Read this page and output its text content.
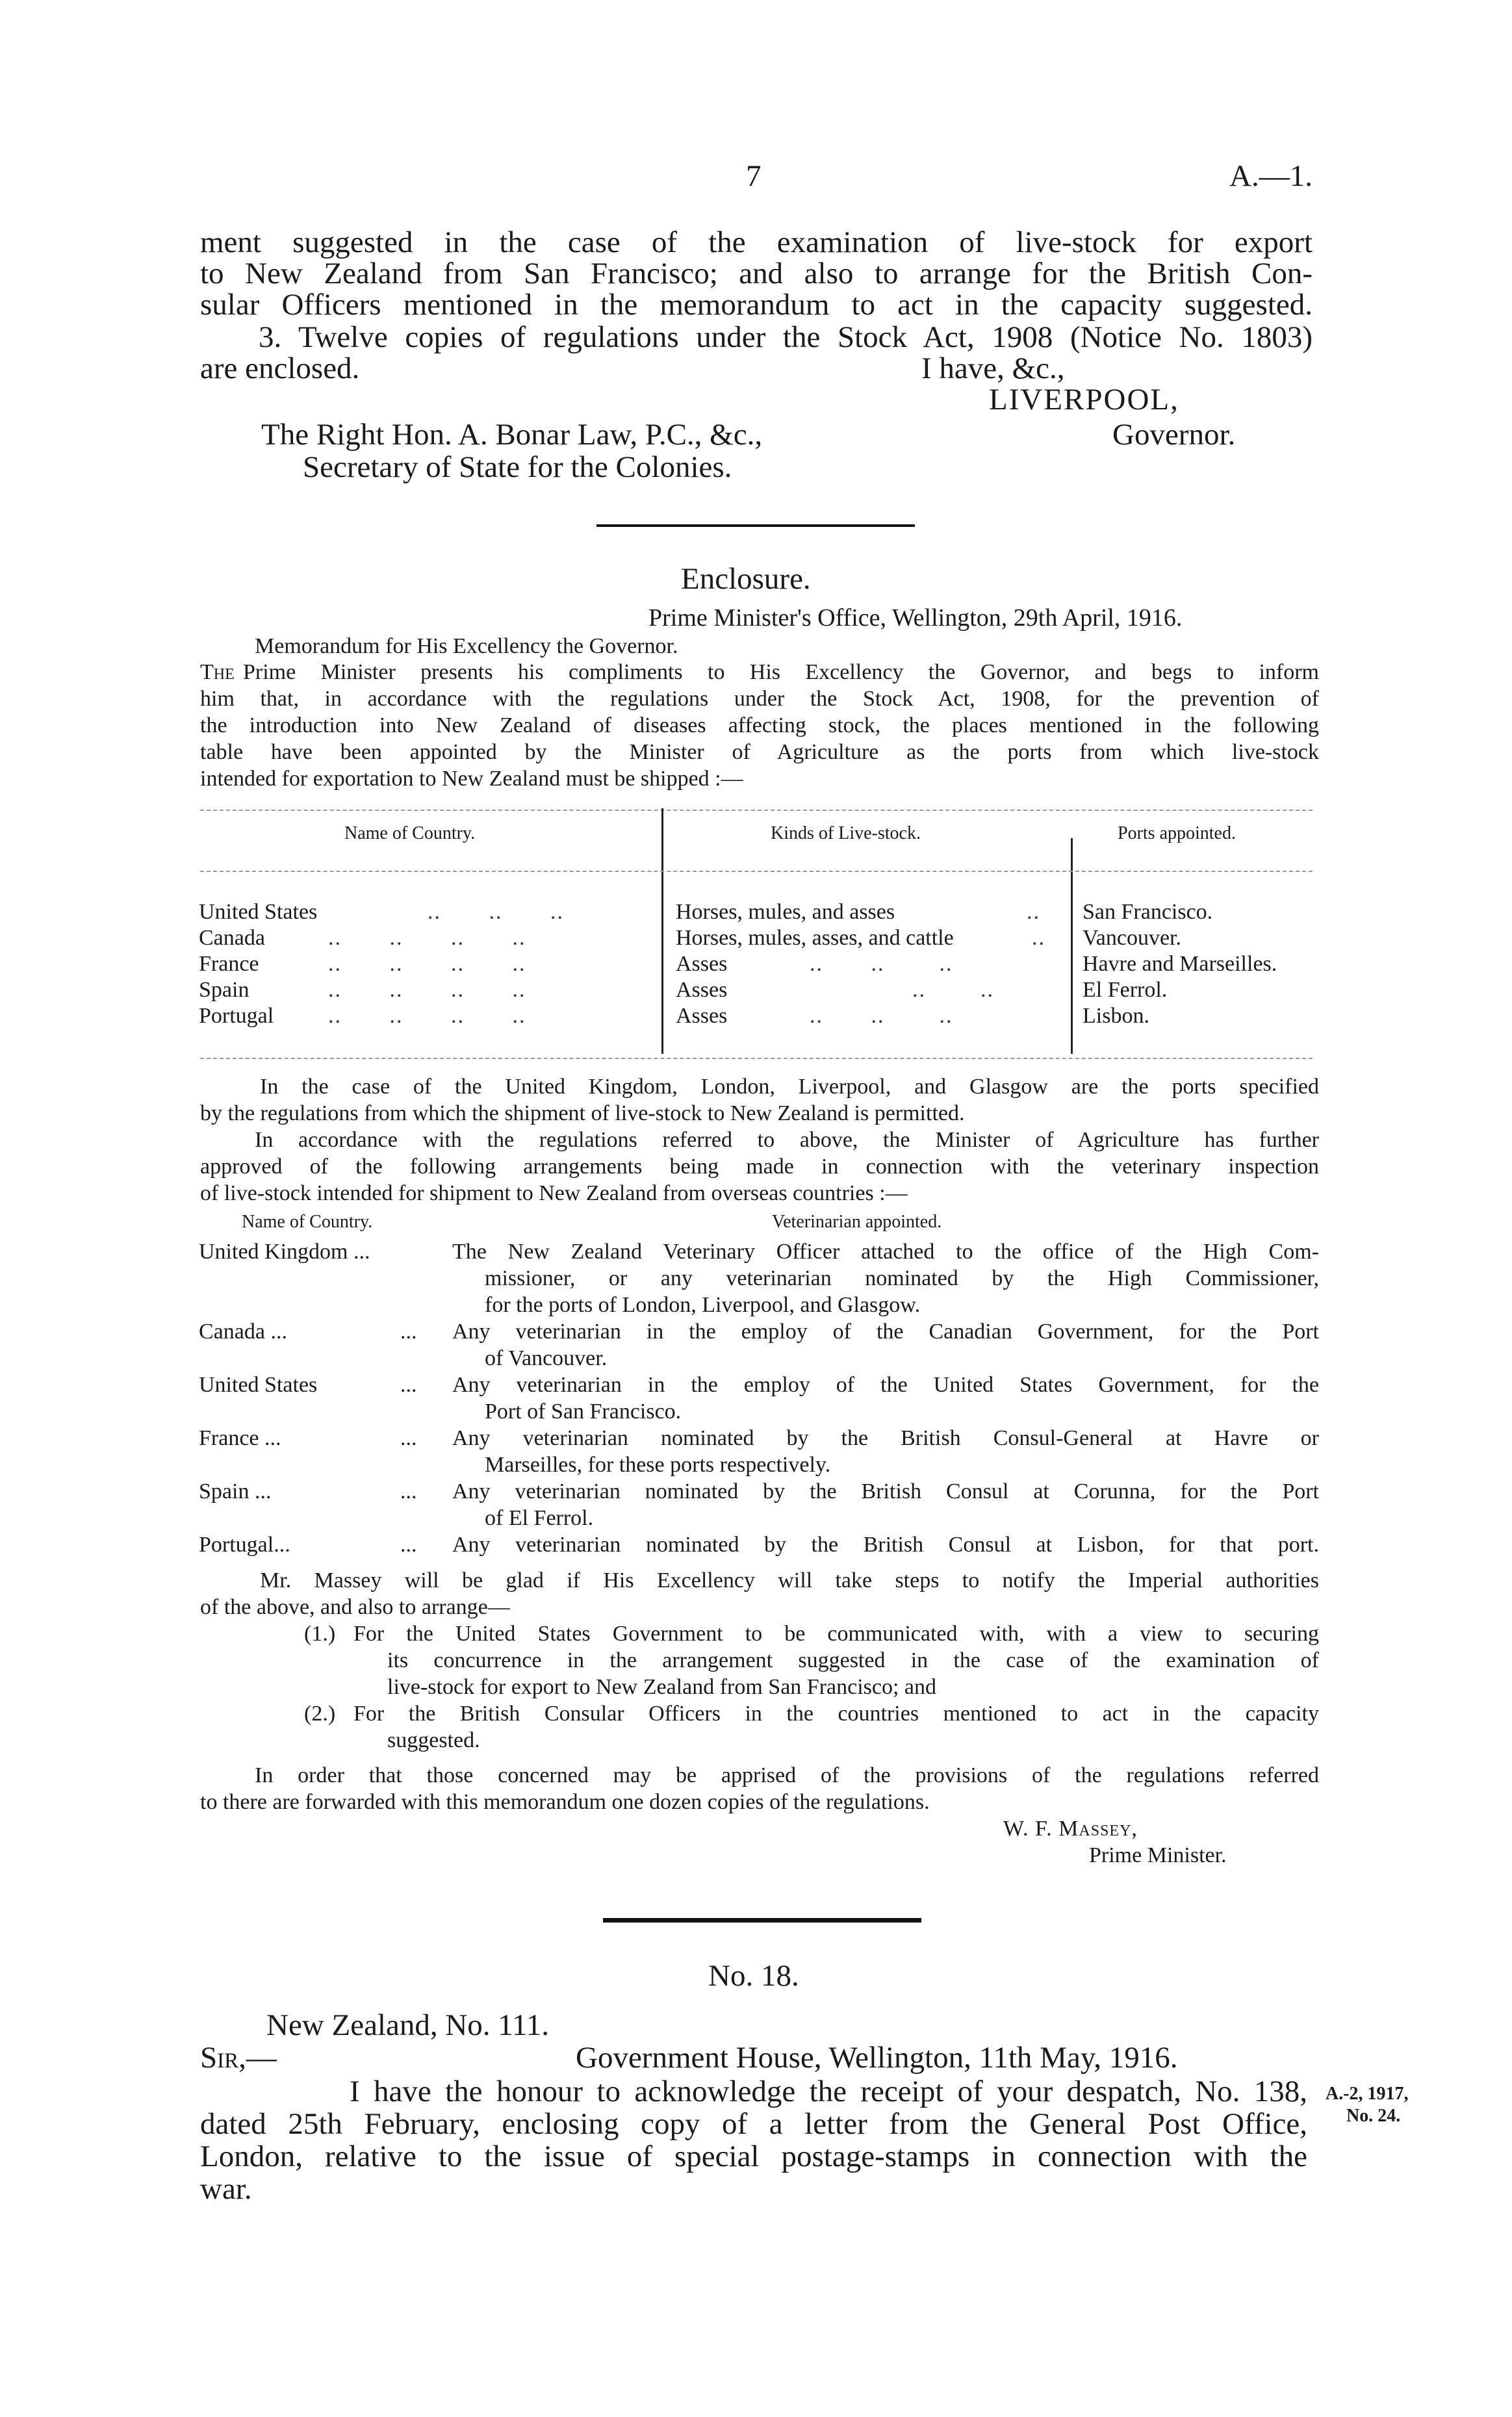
7	A.—1.
ment suggested in the case of the examination of live-stock for export
to New Zealand from San Francisco; and also to arrange for the British Con-
sular Officers mentioned in the memorandum to act in the capacity suggested.
3. Twelve copies of regulations under the Stock Act, 1908 (Notice No. 1803)
are enclosed.	I have, &c.,
LIVERPOOL,
The Right Hon. A. Bonar Law, P.C., &c.,	Governor.
Secretary of State for the Colonies.
Enclosure.
Prime Minister's Office, Wellington, 29th April, 1916.
Memorandum for His Excellency the Governor.
The Prime Minister presents his compliments to His Excellency the Governor, and begs to inform
him that, in accordance with the regulations under the Stock Act, 1908, for the prevention of
the introduction into New Zealand of diseases affecting stock, the places mentioned in the following
table have been appointed by the Minister of Agriculture as the ports from which live-stock
intended for exportation to New Zealand must be shipped :—
Name of Country.	Kinds of Live-stock.	Ports appointed.
United States	..       ..       ..	Horses, mules, and asses	.. San Francisco.
Canada	..       ..       ..       ..	Horses, mules, asses, and cattle	.. Vancouver.
France	..       ..       ..       ..	Asses	..       ..        ..	Havre and Marseilles.
Spain	..       ..       ..       ..	Asses	..        ..	El Ferrol.
Portugal ..       ..       ..       ..	Asses	..       ..        ..	Lisbon.
In the case of the United Kingdom, London, Liverpool, and Glasgow are the ports specified
by the regulations from which the shipment of live-stock to New Zealand is permitted.
In accordance with the regulations referred to above, the Minister of Agriculture has further
approved of the following arrangements being made in connection with the veterinary inspection
of live-stock intended for shipment to New Zealand from overseas countries :—
Name of Country.	Veterinarian appointed.
United Kingdom ...	The New Zealand Veterinary Officer attached to the office of the High Com-
missioner, or any veterinarian nominated by the High Commissioner,
for the ports of London, Liverpool, and Glasgow.
Canada ...	... Any veterinarian in the employ of the Canadian Government, for the Port
of Vancouver.
United States	... Any veterinarian in the employ of the United States Government, for the
Port of San Francisco.
France ...	... Any veterinarian nominated by the British Consul-General at Havre or
Marseilles, for these ports respectively.
Spain ...	... Any veterinarian nominated by the British Consul at Corunna, for the Port
of El Ferrol.
Portugal...	... Any veterinarian nominated by the British Consul at Lisbon, for that port.
Mr. Massey will be glad if His Excellency will take steps to notify the Imperial authorities
of the above, and also to arrange—
(1.) For the United States Government to be communicated with, with a view to securing
its concurrence in the arrangement suggested in the case of the examination of
live-stock for export to New Zealand from San Francisco; and
(2.) For the British Consular Officers in the countries mentioned to act in the capacity
suggested.
In order that those concerned may be apprised of the provisions of the regulations referred
to there are forwarded with this memorandum one dozen copies of the regulations.
W. F. Massey,
Prime Minister.
No. 18.
New Zealand, No. 111.
Sir,—	Government House, Wellington, 11th May, 1916.
I have the honour to acknowledge the receipt of your despatch, No. 138,
dated 25th February, enclosing copy of a letter from the General Post Office,
London, relative to the issue of special postage-stamps in connection with the
war.
A.-2, 1917,
No. 24.
